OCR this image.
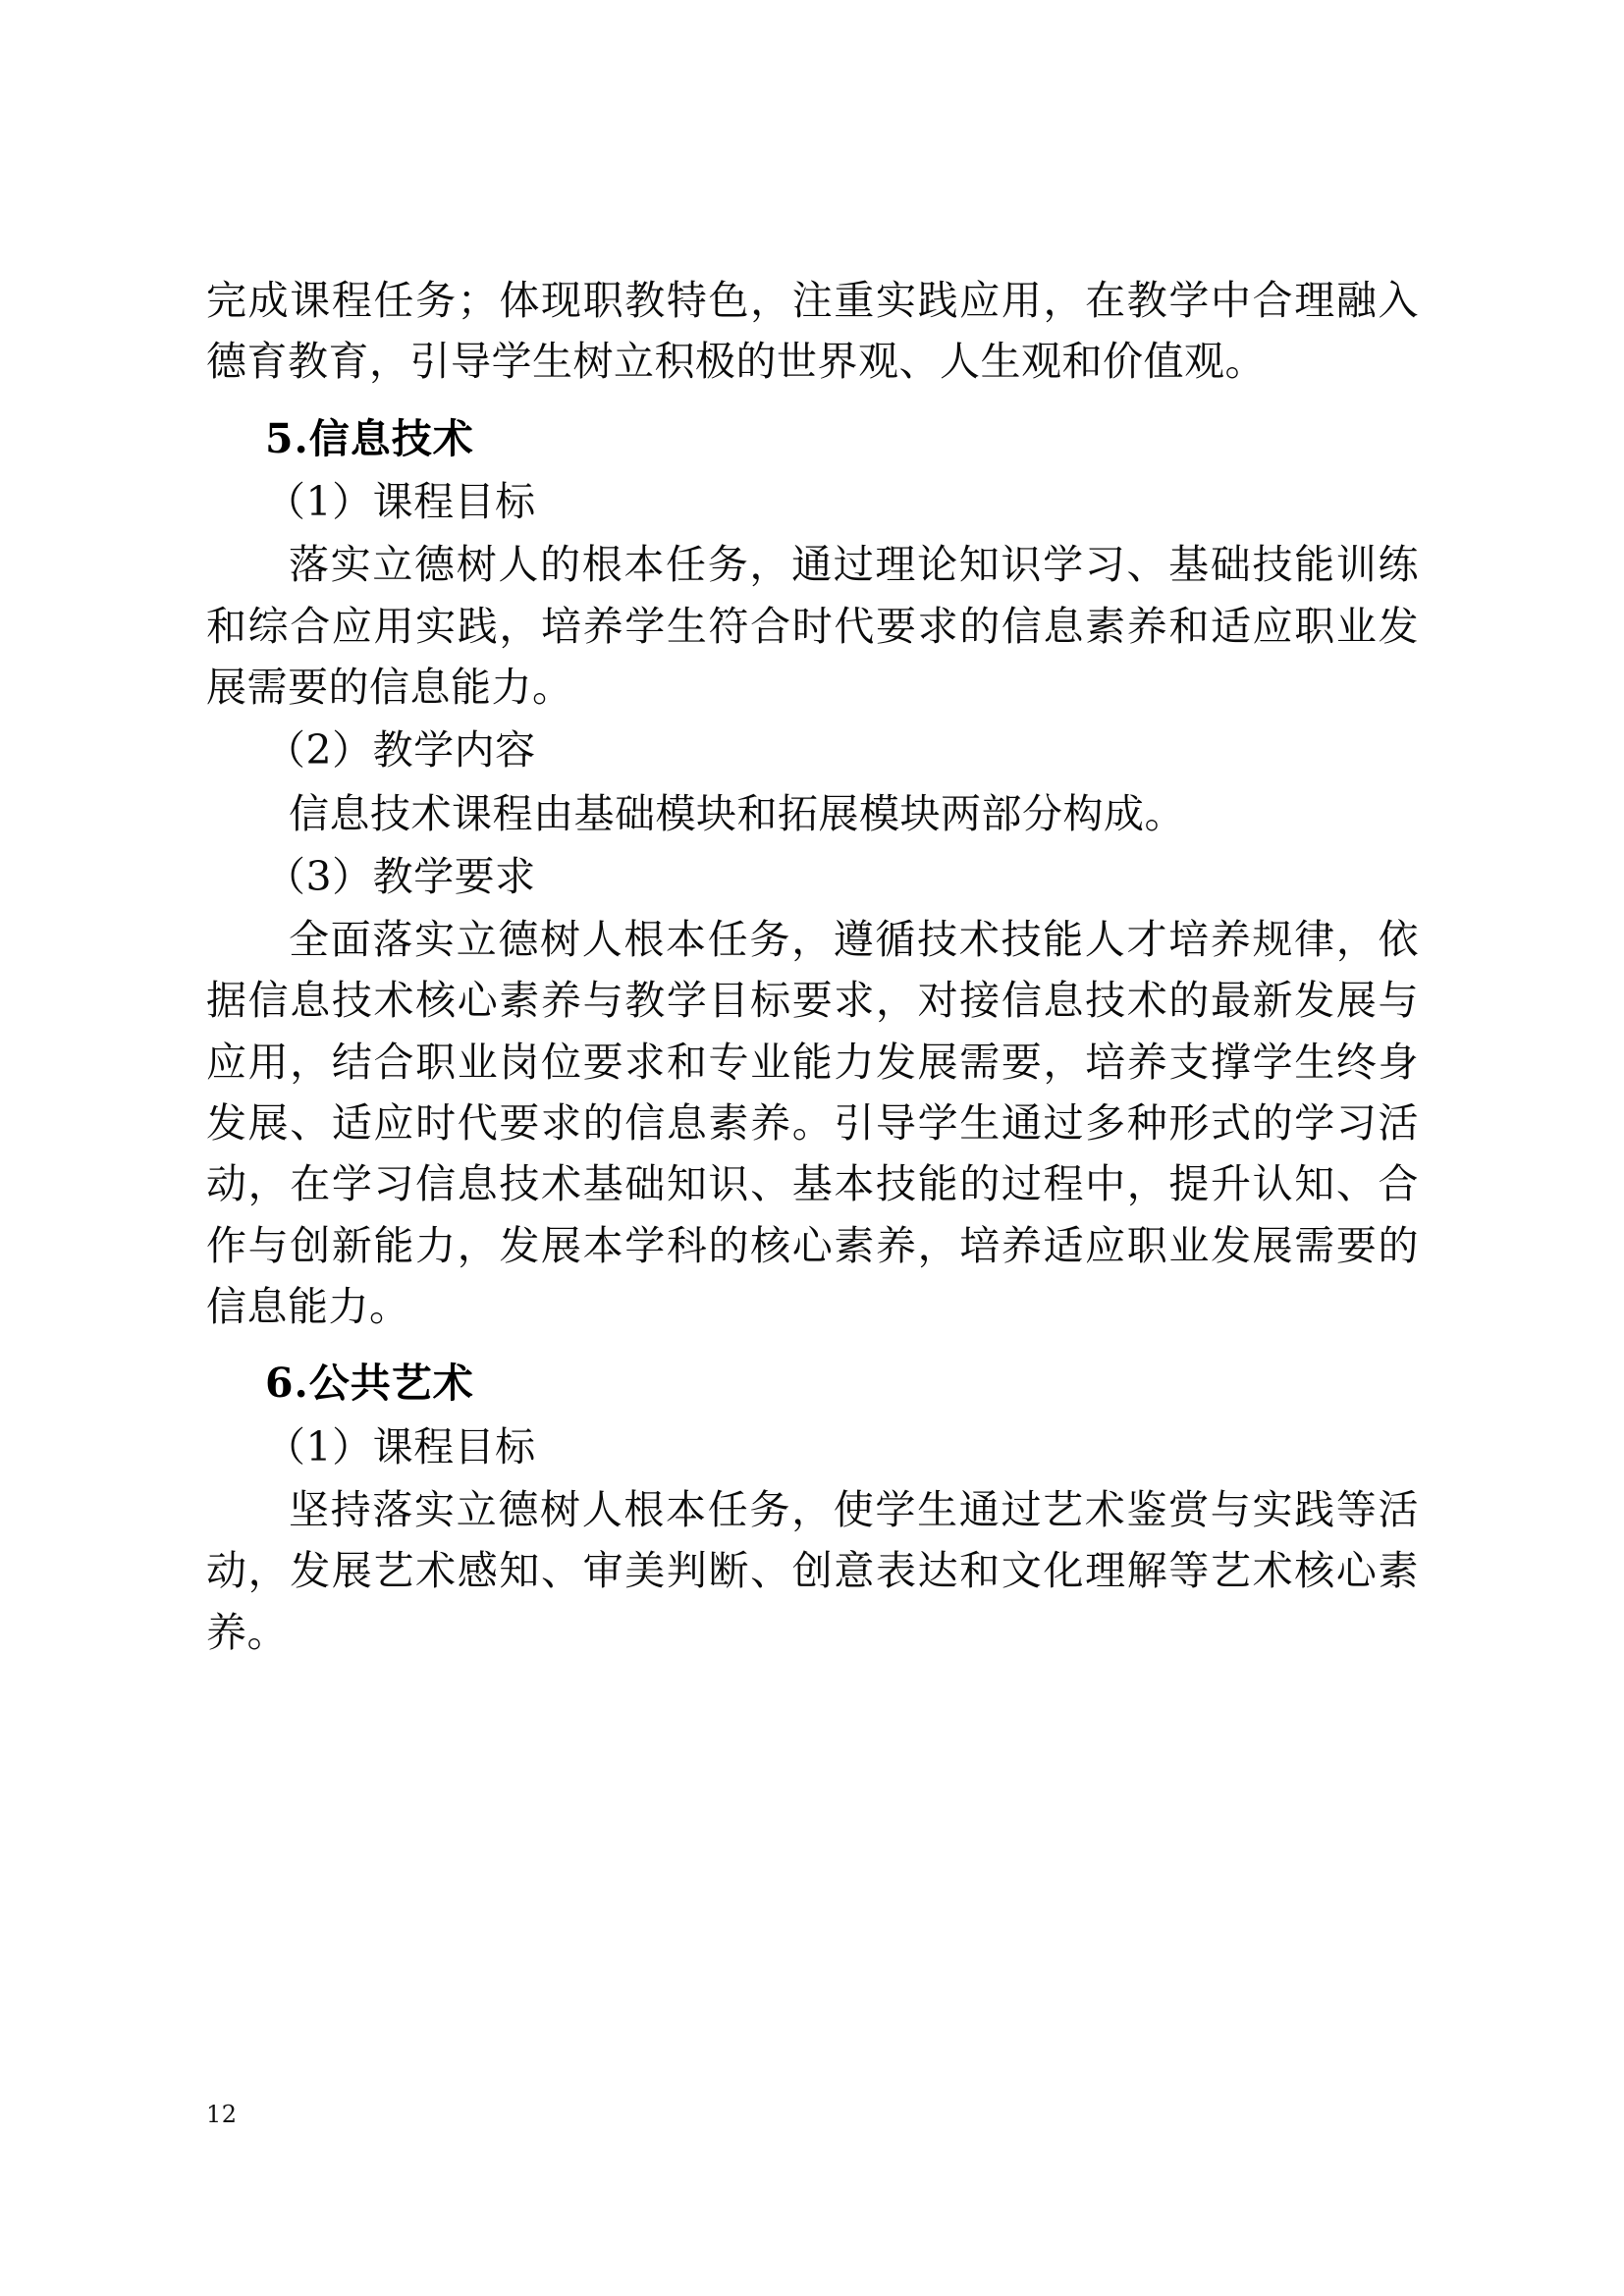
完成课程任务；体现职教特色，注重实践应用，在教学中合理融入德育教育，引导学生树立积极的世界观、人生观和价值观。

5.信息技术

（1）课程目标

落实立德树人的根本任务，通过理论知识学习、基础技能训练和综合应用实践，培养学生符合时代要求的信息素养和适应职业发展需要的信息能力。

（2）教学内容

信息技术课程由基础模块和拓展模块两部分构成。

（3）教学要求

全面落实立德树人根本任务，遵循技术技能人才培养规律，依据信息技术核心素养与教学目标要求，对接信息技术的最新发展与应用，结合职业岗位要求和专业能力发展需要，培养支撑学生终身发展、适应时代要求的信息素养。引导学生通过多种形式的学习活动，在学习信息技术基础知识、基本技能的过程中，提升认知、合作与创新能力，发展本学科的核心素养，培养适应职业发展需要的信息能力。

6.公共艺术

（1）课程目标

坚持落实立德树人根本任务，使学生通过艺术鉴赏与实践等活动，发展艺术感知、审美判断、创意表达和文化理解等艺术核心素养。

12
